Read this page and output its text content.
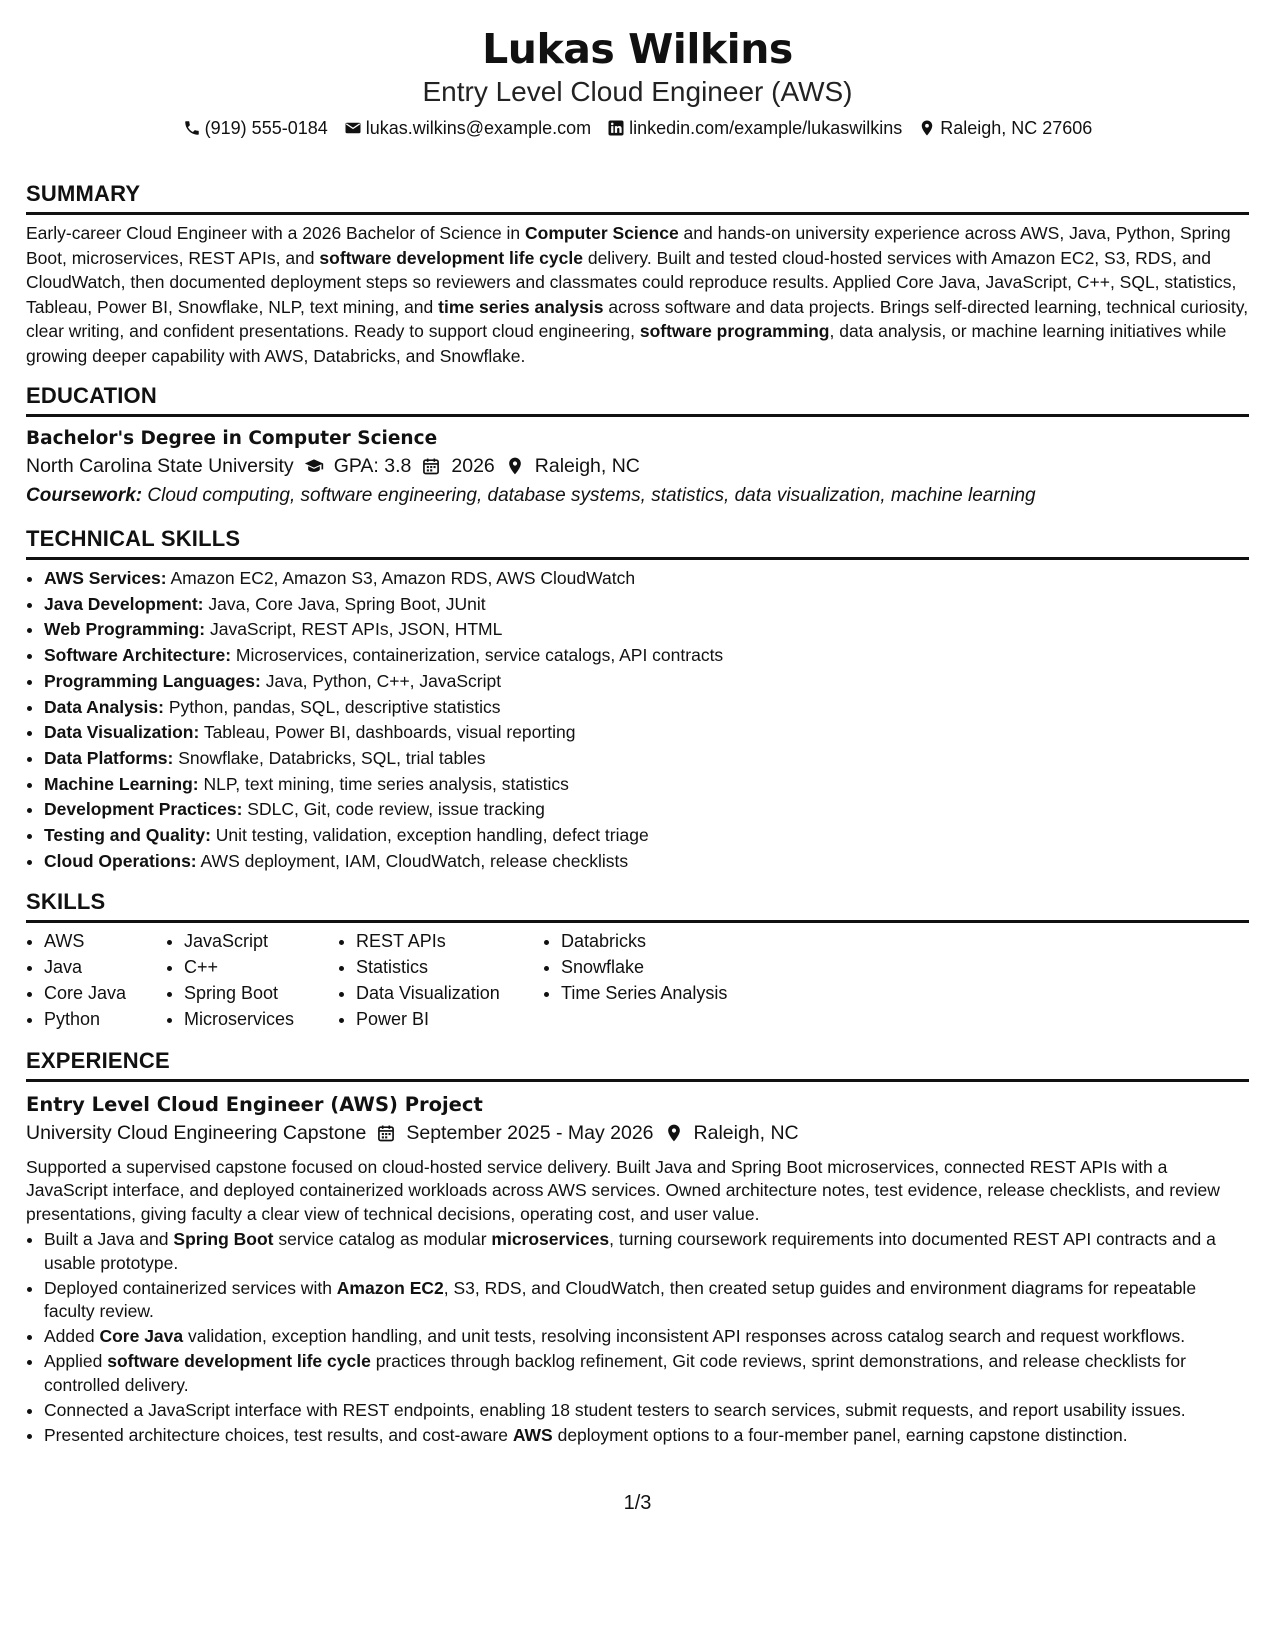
Lukas Wilkins
Entry Level Cloud Engineer (AWS)
(919) 555-0184 lukas.wilkins@example.com linkedin.com/example/lukaswilkins Raleigh, NC 27606
SUMMARY
Early-career Cloud Engineer with a 2026 Bachelor of Science in Computer Science and hands-on university experience across AWS, Java, Python, Spring Boot, microservices, REST APIs, and software development life cycle delivery. Built and tested cloud-hosted services with Amazon EC2, S3, RDS, and CloudWatch, then documented deployment steps so reviewers and classmates could reproduce results. Applied Core Java, JavaScript, C++, SQL, statistics, Tableau, Power BI, Snowflake, NLP, text mining, and time series analysis across software and data projects. Brings self-directed learning, technical curiosity, clear writing, and confident presentations. Ready to support cloud engineering, software programming, data analysis, or machine learning initiatives while growing deeper capability with AWS, Databricks, and Snowflake.
EDUCATION
Bachelor's Degree in Computer Science
North Carolina State University GPA: 3.8 2026 Raleigh, NC
Coursework: Cloud computing, software engineering, database systems, statistics, data visualization, machine learning
TECHNICAL SKILLS
• AWS Services: Amazon EC2, Amazon S3, Amazon RDS, AWS CloudWatch
• Java Development: Java, Core Java, Spring Boot, JUnit
• Web Programming: JavaScript, REST APIs, JSON, HTML
• Software Architecture: Microservices, containerization, service catalogs, API contracts
• Programming Languages: Java, Python, C++, JavaScript
• Data Analysis: Python, pandas, SQL, descriptive statistics
• Data Visualization: Tableau, Power BI, dashboards, visual reporting
• Data Platforms: Snowflake, Databricks, SQL, trial tables
• Machine Learning: NLP, text mining, time series analysis, statistics
• Development Practices: SDLC, Git, code review, issue tracking
• Testing and Quality: Unit testing, validation, exception handling, defect triage
• Cloud Operations: AWS deployment, IAM, CloudWatch, release checklists
SKILLS
• AWS
• Java
• Core Java
• Python
• JavaScript
• C++
• Spring Boot
• Microservices
• REST APIs
• Statistics
• Data Visualization
• Power BI
• Databricks
• Snowflake
• Time Series Analysis
EXPERIENCE
Entry Level Cloud Engineer (AWS) Project
University Cloud Engineering Capstone September 2025 - May 2026 Raleigh, NC
Supported a supervised capstone focused on cloud-hosted service delivery. Built Java and Spring Boot microservices, connected REST APIs with a JavaScript interface, and deployed containerized workloads across AWS services. Owned architecture notes, test evidence, release checklists, and review presentations, giving faculty a clear view of technical decisions, operating cost, and user value.
• Built a Java and Spring Boot service catalog as modular microservices, turning coursework requirements into documented REST API contracts and a usable prototype.
• Deployed containerized services with Amazon EC2, S3, RDS, and CloudWatch, then created setup guides and environment diagrams for repeatable faculty review.
• Added Core Java validation, exception handling, and unit tests, resolving inconsistent API responses across catalog search and request workflows.
• Applied software development life cycle practices through backlog refinement, Git code reviews, sprint demonstrations, and release checklists for controlled delivery.
• Connected a JavaScript interface with REST endpoints, enabling 18 student testers to search services, submit requests, and report usability issues.
• Presented architecture choices, test results, and cost-aware AWS deployment options to a four-member panel, earning capstone distinction.
1/3
